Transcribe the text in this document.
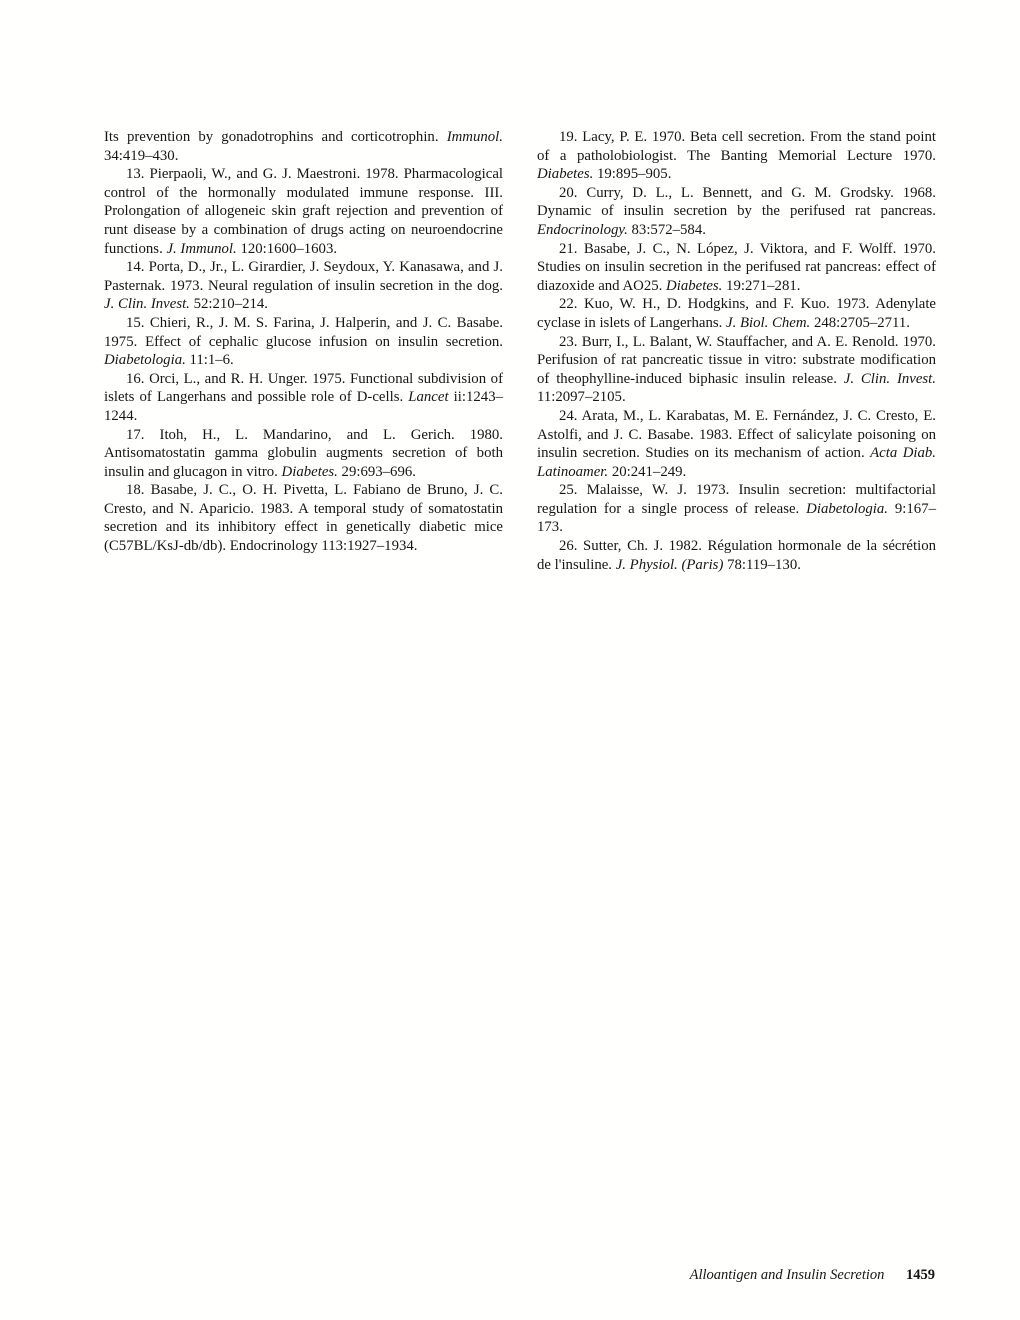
Its prevention by gonadotrophins and corticotrophin. Immunol. 34:419–430.

13. Pierpaoli, W., and G. J. Maestroni. 1978. Pharmacological control of the hormonally modulated immune response. III. Prolongation of allogeneic skin graft rejection and prevention of runt disease by a combination of drugs acting on neuroendocrine functions. J. Immunol. 120:1600–1603.

14. Porta, D., Jr., L. Girardier, J. Seydoux, Y. Kanasawa, and J. Pasternak. 1973. Neural regulation of insulin secretion in the dog. J. Clin. Invest. 52:210–214.

15. Chieri, R., J. M. S. Farina, J. Halperin, and J. C. Basabe. 1975. Effect of cephalic glucose infusion on insulin secretion. Diabetologia. 11:1–6.

16. Orci, L., and R. H. Unger. 1975. Functional subdivision of islets of Langerhans and possible role of D-cells. Lancet ii:1243–1244.

17. Itoh, H., L. Mandarino, and L. Gerich. 1980. Antisomatostatin gamma globulin augments secretion of both insulin and glucagon in vitro. Diabetes. 29:693–696.

18. Basabe, J. C., O. H. Pivetta, L. Fabiano de Bruno, J. C. Cresto, and N. Aparicio. 1983. A temporal study of somatostatin secretion and its inhibitory effect in genetically diabetic mice (C57BL/KsJ-db/db). Endocrinology 113:1927–1934.

19. Lacy, P. E. 1970. Beta cell secretion. From the stand point of a patholobiologist. The Banting Memorial Lecture 1970. Diabetes. 19:895–905.

20. Curry, D. L., L. Bennett, and G. M. Grodsky. 1968. Dynamic of insulin secretion by the perifused rat pancreas. Endocrinology. 83:572–584.

21. Basabe, J. C., N. López, J. Viktora, and F. Wolff. 1970. Studies on insulin secretion in the perifused rat pancreas: effect of diazoxide and AO25. Diabetes. 19:271–281.

22. Kuo, W. H., D. Hodgkins, and F. Kuo. 1973. Adenylate cyclase in islets of Langerhans. J. Biol. Chem. 248:2705–2711.

23. Burr, I., L. Balant, W. Stauffacher, and A. E. Renold. 1970. Perifusion of rat pancreatic tissue in vitro: substrate modification of theophylline-induced biphasic insulin release. J. Clin. Invest. 11:2097–2105.

24. Arata, M., L. Karabatas, M. E. Fernández, J. C. Cresto, E. Astolfi, and J. C. Basabe. 1983. Effect of salicylate poisoning on insulin secretion. Studies on its mechanism of action. Acta Diab. Latinoamer. 20:241–249.

25. Malaisse, W. J. 1973. Insulin secretion: multifactorial regulation for a single process of release. Diabetologia. 9:167–173.

26. Sutter, Ch. J. 1982. Régulation hormonale de la sécrétion de l'insuline. J. Physiol. (Paris) 78:119–130.

Alloantigen and Insulin Secretion 1459
